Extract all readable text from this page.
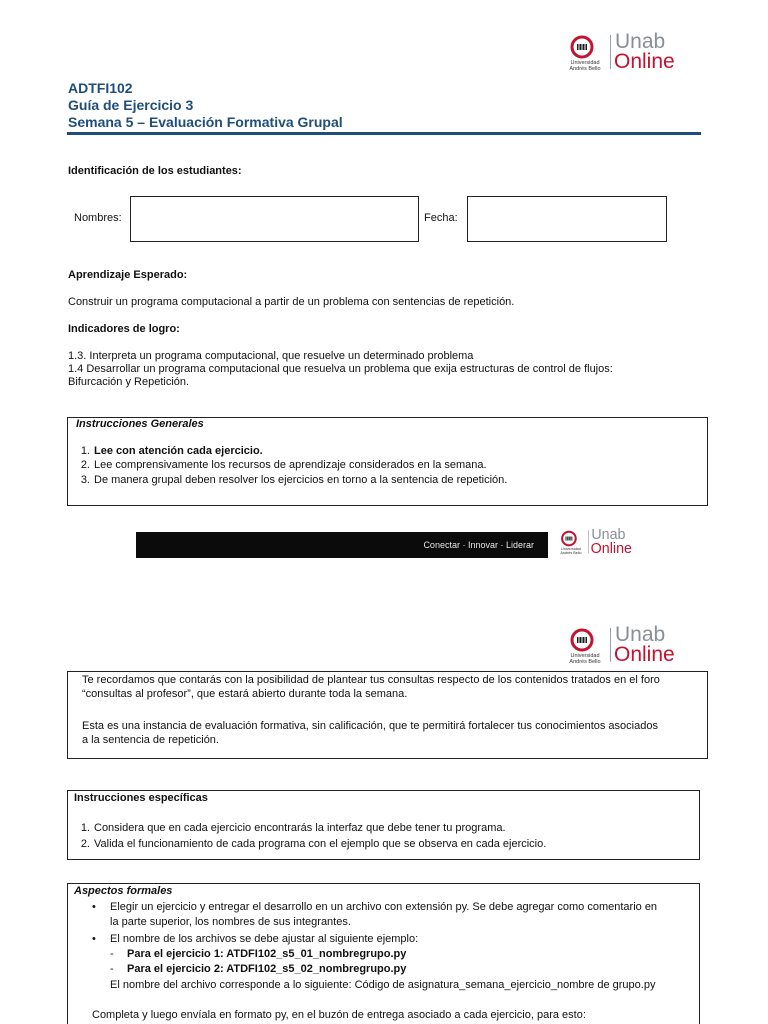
Universidad Andrés Bello
Unab
Online
ADTFI102
Guía de Ejercicio 3
Semana 5 – Evaluación Formativa Grupal
Identificación de los estudiantes:
Nombres:	Fecha:
Aprendizaje Esperado:
Construir un programa computacional a partir de un problema con sentencias de repetición.
Indicadores de logro:
1.3. Interpreta un programa computacional, que resuelve un determinado problema
1.4 Desarrollar un programa computacional que resuelva un problema que exija estructuras de control de flujos:
Bifurcación y Repetición.
Instrucciones Generales
1. Lee con atención cada ejercicio.
2. Lee comprensivamente los recursos de aprendizaje considerados en la semana.
3. De manera grupal deben resolver los ejercicios en torno a la sentencia de repetición.
Conectar · Innovar · Liderar	Universidad Andrés Bello
Unab
Online
Universidad Andrés Bello
Unab
Online
Te recordamos que contarás con la posibilidad de plantear tus consultas respecto de los contenidos tratados en el foro
“consultas al profesor”, que estará abierto durante toda la semana.
Esta es una instancia de evaluación formativa, sin calificación, que te permitirá fortalecer tus conocimientos asociados
a la sentencia de repetición.
Instrucciones específicas
1. Considera que en cada ejercicio encontrarás la interfaz que debe tener tu programa.
2. Valida el funcionamiento de cada programa con el ejemplo que se observa en cada ejercicio.
Aspectos formales
• Elegir un ejercicio y entregar el desarrollo en un archivo con extensión py. Se debe agregar como comentario en
la parte superior, los nombres de sus integrantes.
• El nombre de los archivos se debe ajustar al siguiente ejemplo:
- Para el ejercicio 1: ATDFI102_s5_01_nombregrupo.py
- Para el ejercicio 2: ATDFI102_s5_02_nombregrupo.py
El nombre del archivo corresponde a lo siguiente: Código de asignatura_semana_ejercicio_nombre de grupo.py
Completa y luego envíala en formato py, en el buzón de entrega asociado a cada ejercicio, para esto:
